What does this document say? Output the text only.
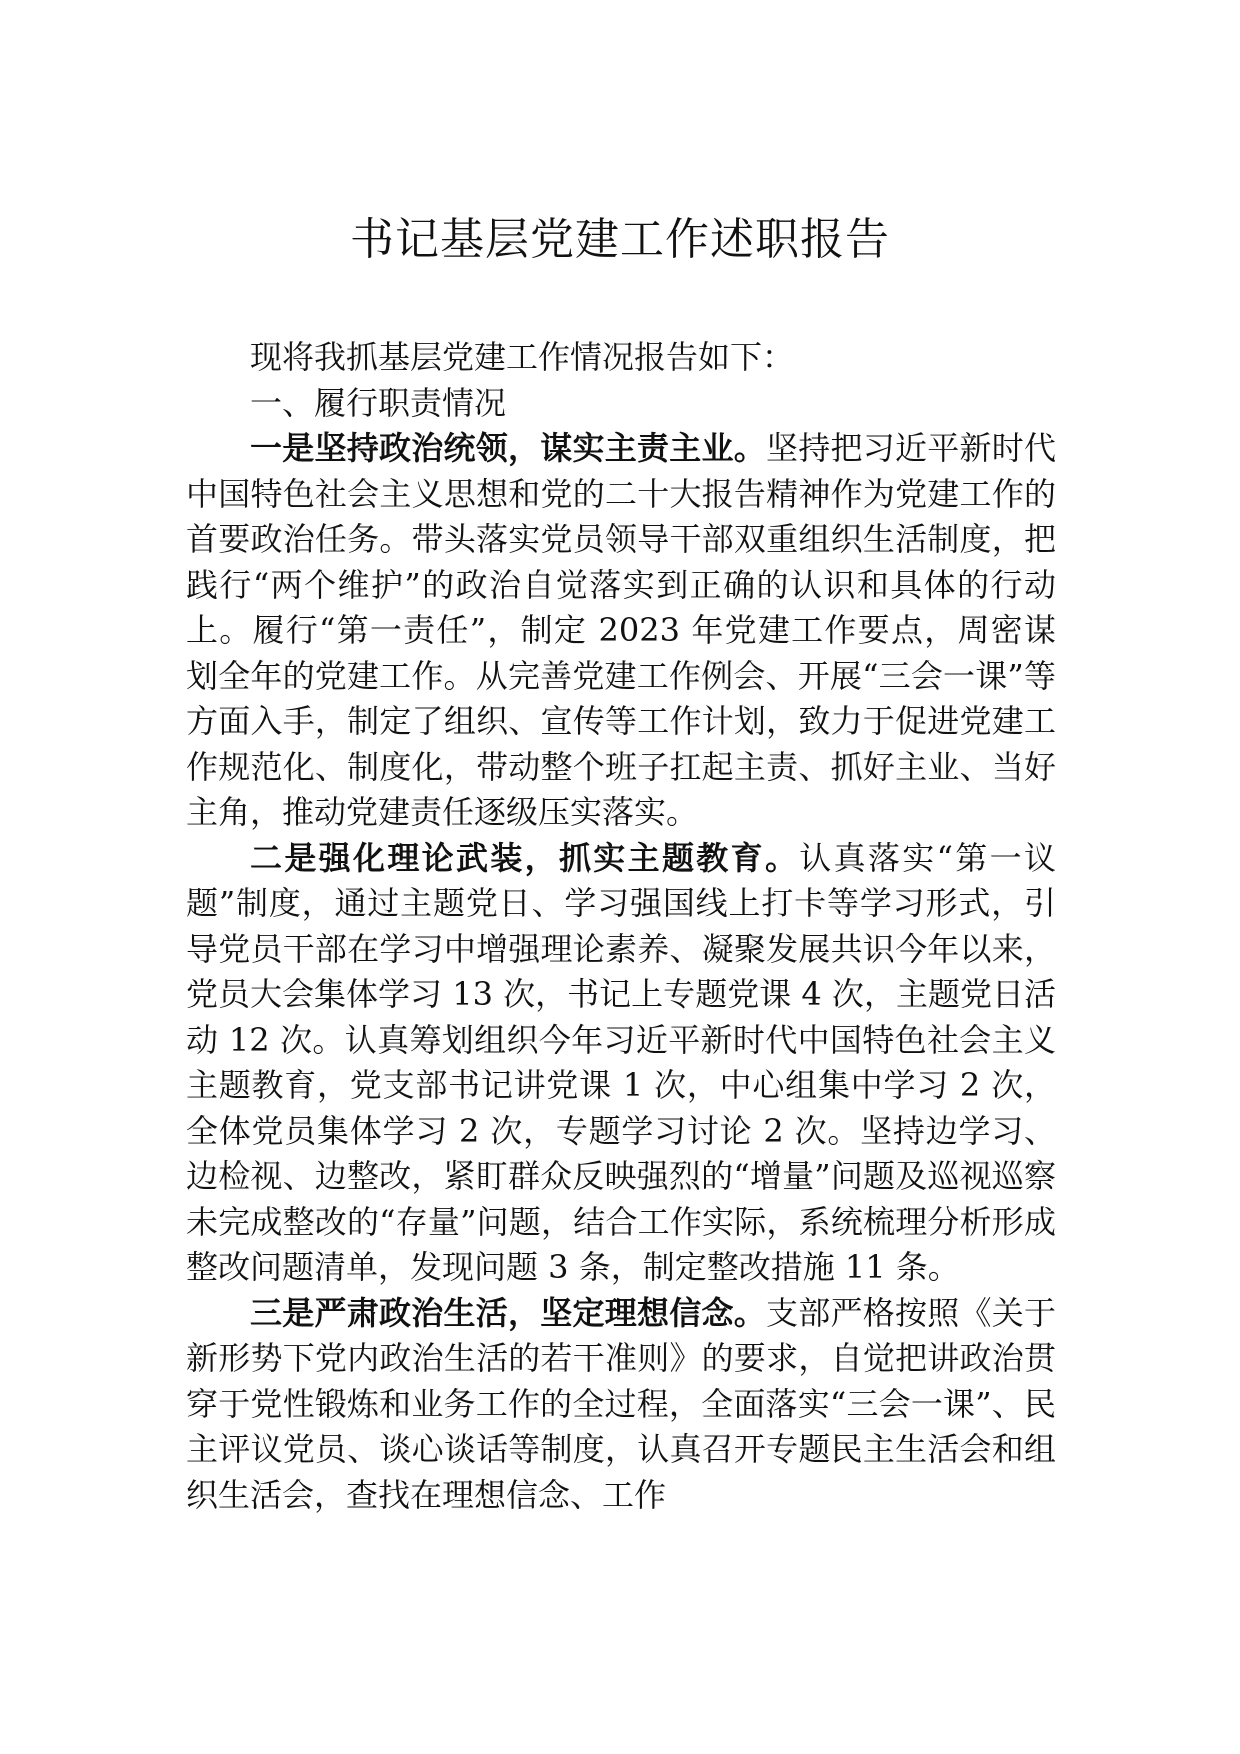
书记基层党建工作述职报告

现将我抓基层党建工作情况报告如下：

一、履行职责情况

一是坚持政治统领，谋实主责主业。坚持把习近平新时代中国特色社会主义思想和党的二十大报告精神作为党建工作的首要政治任务。带头落实党员领导干部双重组织生活制度，把践行“两个维护”的政治自觉落实到正确的认识和具体的行动上。履行“第一责任”，制定 2023 年党建工作要点，周密谋划全年的党建工作。从完善党建工作例会、开展“三会一课”等方面入手，制定了组织、宣传等工作计划，致力于促进党建工作规范化、制度化，带动整个班子扛起主责、抓好主业、当好主角，推动党建责任逐级压实落实。

二是强化理论武装，抓实主题教育。认真落实“第一议题”制度，通过主题党日、学习强国线上打卡等学习形式，引导党员干部在学习中增强理论素养、凝聚发展共识今年以来，党员大会集体学习 13 次，书记上专题党课 4 次，主题党日活动 12 次。认真筹划组织今年习近平新时代中国特色社会主义主题教育，党支部书记讲党课 1 次，中心组集中学习 2 次，全体党员集体学习 2 次，专题学习讨论 2 次。坚持边学习、边检视、边整改，紧盯群众反映强烈的“增量”问题及巡视巡察未完成整改的“存量”问题，结合工作实际，系统梳理分析形成整改问题清单，发现问题 3 条，制定整改措施 11 条。

三是严肃政治生活，坚定理想信念。支部严格按照《关于新形势下党内政治生活的若干准则》的要求，自觉把讲政治贯穿于党性锻炼和业务工作的全过程，全面落实“三会一课”、民主评议党员、谈心谈话等制度，认真召开专题民主生活会和组织生活会，查找在理想信念、工作
